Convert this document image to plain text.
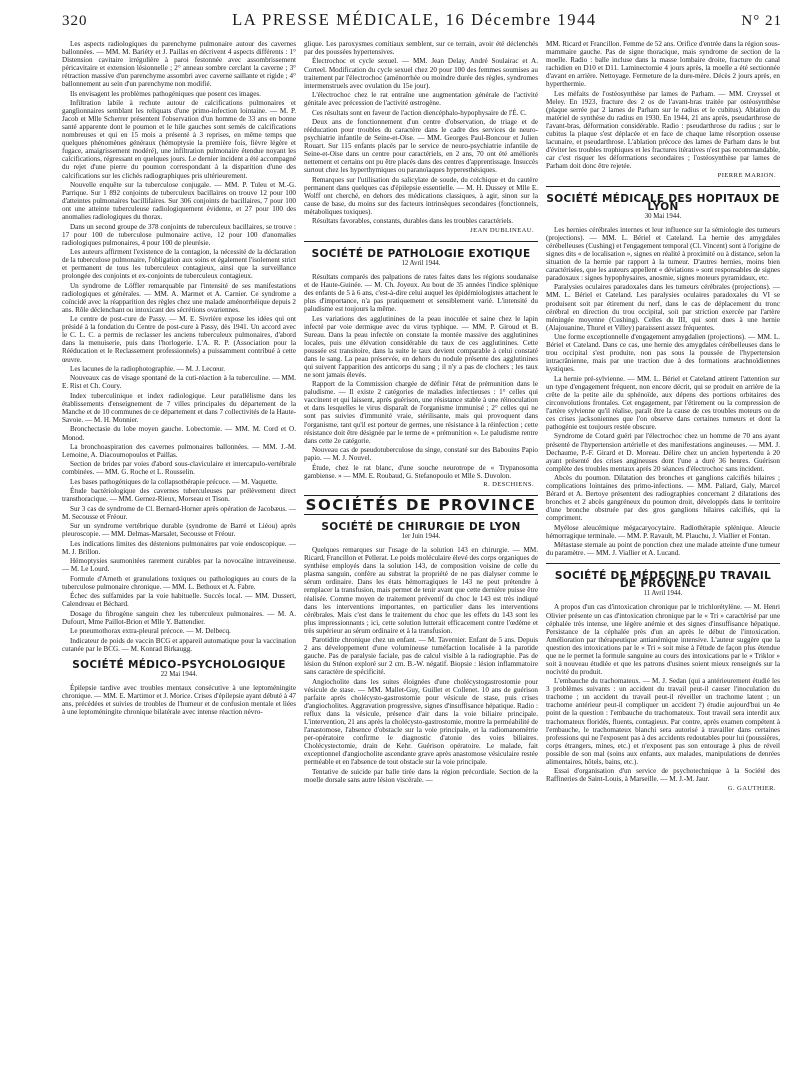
320	LA PRESSE MÉDICALE, 16 Décembre 1944	N° 21

Les aspects radiologiques du parenchyme pulmonaire autour des cavernes ballonnées. — MM. M. Bariéty et J. Paillas en décrivent 4 aspects différents : 1° Distension cavitaire irrégulière à paroi festonnée avec assombrissement péricavitaire et extension lésionnelle ; 2° anneau sombre cerclant la caverne ; 3° rétraction massive d'un parenchyme assombri avec caverne saillante et rigide ; 4° ballonnement au sein d'un parenchyme non modifié.

Ils envisagent les problèmes pathogéniques que posent ces images.

Infiltration labile à rechute autour de calcifications pulmonaires et ganglionnaires semblant les reliquats d'une primo-infection lointaine. — M. P. Jacob et Mlle Scherrer présentent l'observation d'un homme de 33 ans en bonne santé apparente dont le poumon et le hile gauches sont semés de calcifications nombreuses et qui en 15 mois a présenté à 3 reprises, en même temps que quelques phénomènes généraux (hémoptysie la première fois, fièvre légère et fugace, amaigrissement modéré), une infiltration pulmonaire étendue noyant les calcifications, régressant en quelques jours. Le dernier incident a été accompagné du rejet d'une pierre du poumon correspondant à la disparition d'une des calcifications sur les clichés radiographiques pris ultérieurement.

Nouvelle enquête sur la tuberculose conjugale. — MM. P. Tuleu et M.-G. Parrique. Sur 1 892 conjoints de tuberculeux bacillaires on trouve 12 pour 100 d'atteintes pulmonaires bacillifaires. Sur 306 conjoints de bacillaires, 7 pour 100 ont une atteinte tuberculeuse radiologiquement évidente, et 27 pour 100 des anomalies radiologiques du thorax.

Dans un second groupe de 378 conjoints de tuberculeux bacillaires, se trouve : 17 pour 100 de tuberculose pulmonaire active, 12 pour 100 d'anomalies radiologiques pulmonaires, 4 pour 100 de pleurésie.

Les auteurs affirment l'existence de la contagion, la nécessité de la déclaration de la tuberculose pulmonaire, l'obligation aux soins et également l'isolement strict et permanent de tous les tuberculeux contagieux, ainsi que la surveillance prolongée des conjoints et ex-conjoints de tuberculeux contagieux.

Un syndrome de Löffler remarquable par l'intensité de ses manifestations radiologiques et générales. — MM. A. Marmet et A. Carnier. Ce syndrome a coïncidé avec la réapparition des règles chez une malade aménorrhéique depuis 2 ans. Rôle déclenchant ou intoxicant des sécrétions ovariennes.

Le centre de post-cure de Passy. — M. E. Sivrière expose les idées qui ont présidé à la fondation du Centre de post-cure à Passy, dès 1941. Un accord avec le C. L. C. a permis de reclasser les anciens tuberculeux pulmonaires, d'abord dans la menuiserie, puis dans l'horlogerie. L'A. R. P. (Association pour la Rééducation et le Reclassement professionnels) a puissamment contribué à cette œuvre.

Les lacunes de la radiophotographie. — M. J. Lecœur.

Nouveaux cas de visage spontané de la cuti-réaction à la tuberculine. — MM. E. Rist et Ch. Coury.

Index tuberculinique et index radiologique. Leur parallélisme dans les établissements d'enseignement de 7 villes principales du département de la Manche et de 10 communes de ce département et dans 7 collectivités de la Haute-Savoie. — M. H. Monnier.

Bronchectasie du lobe moyen gauche. Lobectomie. — MM. M. Cord et O. Monod.

La bronchoaspiration des cavernes pulmonaires ballonnées. — MM. J.-M. Lemoine, A. Diacoumopoulos et Paillas.

Section de brides par voies d'abord sous-claviculaire et intercapulo-vertébrale combinées. — MM. G. Roche et L. Rousselin.

Les bases pathogéniques de la collapsothérapie précoce. — M. Vaquette.

Étude bactériologique des cavernes tuberculeuses par prélèvement direct transthoracique. — MM. Gernez-Rieux, Morseau et Tison.

Sur 3 cas de syndrome de Cl. Bernard-Horner après opération de Jacobæus. — M. Secousse et Fréour.

Sur un syndrome vertébrique durable (syndrome de Barré et Liéou) après pleuroscopie. — MM. Delmas-Marsalet, Secousse et Fréour.

Les indications limites des déstenions pulmonaires par voie endoscopique. — M. J. Brillon.

Hémoptysies saumonitées rarement curables par la novocaïne intraveineuse. — M. Le Lourd.

Formule d'Arneth et granulations toxiques ou pathologiques au cours de la tuberculose pulmonaire chronique. — MM. L. Bethoux et A. Fabre.

Échec des sulfamides par la voie habituelle. Succès local. — MM. Dussert, Calendreau et Béchard.

Dosage du fibrogène sanguin chez les tuberculeux pulmonaires. — M. A. Dufourt, Mme Paillot-Brion et Mlle Y. Battendier.

Le pneumothorax extra-pleural précoce. — M. Delbecq.

Indicateur de poids de vaccin BCG et appareil automatique pour la vaccination cutanée par le BCG. — M. Konrad Birkaugg.

SOCIÉTÉ MÉDICO-PSYCHOLOGIQUE
22 Mai 1944.

Épilepsie tardive avec troubles mentaux consécutive à une leptoméningite chronique. — MM. E. Martimor et J. Morice. Crises d'épilepsie ayant débuté à 47 ans, précédées et suivies de troubles de l'humeur et de confusion mentale et liées à une leptoméningite chronique bilatérale avec intense réaction névro-

glique. Les paroxysmes comitiaux semblent, sur ce terrain, avoir été déclenchés par des poussées hypertensives.

Électrochoc et cycle sexuel. — MM. Jean Delay, André Soulairac et A. Corteel. Modification du cycle sexuel chez 20 pour 100 des femmes soumises au traitement par l'électrochoc (aménorrhée ou moindre durée des règles, syndromes intermenstruels avec ovulation du 15e jour).

L'électrochoc chez le rat entraîne une augmentation générale de l'activité génitale avec précession de l'activité œstrogène.

Ces résultats sont en faveur de l'action diencéphalo-hypophysaire de l'É. C.

Deux ans de fonctionnement d'un centre d'observation, de triage et de rééducation pour troubles du caractère dans le cadre des services de neuro-psychiatrie infantile de Seine-et-Oise. — MM. Georges Paul-Boncour et Julien Rouart. Sur 115 enfants placés par le service de neuro-psychiatrie infantile de Seine-et-Oise dans un centre pour caractériels, en 2 ans, 70 ont été améliorés nettement et certains ont pu être placés dans des centres d'apprentissage. Insuccès surtout chez les hyperthymiques ou paranoïaques hyperesthésiques.

Remarques sur l'utilisation du salicylate de soude, du colchique et du cautère permanent dans quelques cas d'épilepsie essentielle. — M. H. Dussey et Mlle E. Wolff ont cherché, en dehors des médications classiques, à agir, sinon sur la cause de base, du moins sur des facteurs intrinsèques secondaires (fonctionnels, métaboliques toxiques).

Résultats favorables, constants, durables dans les troubles caractériels.

JEAN DUBLINEAU.
SOCIÉTÉ DE PATHOLOGIE EXOTIQUE
12 Avril 1944.

Résultats comparés des palpations de rates faites dans les régions soudanaise et de Haute-Guinée. — M. Ch. Joyeux. Au bout de 35 années l'indice splénique des enfants de 5 à 6 ans, c'est-à-dire celui auquel les épidémiologistes attachent le plus d'importance, n'a pas pratiquement et sensiblement varié. L'intensité du paludisme est toujours la même.

Les variations des agglutinines de la peau inoculée et saine chez le lapin infecté par voie dermique avec du virus typhique. — MM. P. Giroud et B. Sureau. Dans la peau infectée on constate la montée massive des agglutinines locales, puis une élévation considérable du taux de ces agglutinines. Cette poussée est transitoire, dans la suite le taux devient comparable à celui constaté dans le sang. La peau préservée, en dehors du nodule présente des agglutinines qui suivent l'apparition des anticorps du sang ; il n'y a pas de clochers ; les taux ne sont jamais élevés.

Rapport de la Commission chargée de définir l'état de prémunition dans le paludisme. — Il existe 2 catégories de maladies infectieuses : 1° celles qui vaccinent et qui laissent, après guérison, une résistance stable à une réinoculation et dans lesquelles le virus disparaît de l'organisme immunisé ; 2° celles qui ne sont pas suivies d'immunité vraie, stérilisante, mais qui provoquent dans l'organisme, tant qu'il est porteur de germes, une résistance à la réinfection ; cette résistance doit être désignée par le terme de « prémunition ». Le paludisme rentre dans cette 2e catégorie.

Nouveau cas de pseudotuberculose du singe, constaté sur des Babouins Papio papio. — M. J. Nouvel.

Étude, chez le rat blanc, d'une souche neurotrope de « Trypanosoma gambiense. » — MM. E. Roubaud, G. Stefanopoulo et Mlle S. Duvolon.

R. DESCHIENS.
SOCIÉTÉS DE PROVINCE
SOCIÉTÉ DE CHIRURGIE DE LYON
1er Juin 1944.

Quelques remarques sur l'usage de la solution 143 en chirurgie. — MM. Ricard, Francillon et Pellerat. Le poids moléculaire élevé des corps organiques de synthèse employés dans la solution 143, de composition voisine de celle du plasma sanguin, confère au substrat la propriété de ne pas dialyser comme le sérum ordinaire. Dans les états hémorragiques le 143 ne peut prétendre à remplacer la transfusion, mais permet de tenir avant que cette dernière puisse être réalisée. Comme moyen de traitement préventif du choc le 143 est très indiqué dans les interventions importantes, en particulier dans les interventions cérébrales. Mais c'est dans le traitement du choc que les effets du 143 sont les plus impressionnants ; ici, cette solution lutterait efficacement contre l'œdème et très supérieur au sérum ordinaire et à la transfusion.

Parotidite chronique chez un enfant. — M. Tavernier. Enfant de 5 ans. Depuis 2 ans développement d'une volumineuse tuméfaction localisée à la parotide gauche. Pas de paralysie faciale, pas de calcul visible à la radiographie. Pas de lésion du Sténon exploré sur 2 cm. B.-W. négatif. Biopsie : lésion inflammatoire sans caractère de spécificité.

Angiocholite dans les suites éloignées d'une cholécystogastrostomie pour vésicule de stase. — MM. Mallet-Guy, Guillet et Collenet. 10 ans de guérison parfaite après cholécysto-gastrostomie pour vésicule de stase, puis crises d'angiocholites. Aggravation progressive, signes d'insuffisance hépatique. Radio : reflux dans la vésicule, présence d'air dans la voie biliaire principale. L'intervention, 21 ans après la cholécysto-gastrostomie, montre la perméabilité de l'anastomose, l'absence d'obstacle sur la voie principale, et la radiomanométrie per-opératoire confirme le diagnostic d'atonie des voies biliaires. Cholécystectomie, drain de Kehr. Guérison opératoire. Le malade, fait exceptionnel d'angiocholite ascendante grave après anastomose vésiculaire restée perméable et en l'absence de tout obstacle sur la voie principale.

Tentative de suicide par balle tirée dans la région précordiale. Section de la moelle dorsale sans autre lésion viscérale. —

MM. Ricard et Francillon. Femme de 52 ans. Orifice d'entrée dans la région sous-mammaire gauche. Pas de signe thoracique, mais syndrome de section de la moelle. Radio : balle incluse dans la masse lombaire droite, fracture du canal rachidien en D10 et D11. Laminectomie 4 jours après, la moelle a été sectionnée d'avant en arrière. Nettoyage. Fermeture de la dure-mère. Décès 2 jours après, en hyperthermie.

Les méfaits de l'ostéosynthèse par lames de Parham. — MM. Creyssel et Meley. En 1923, fracture des 2 os de l'avant-bras traitée par ostéosynthèse (plaque serrée par 2 lames de Parham sur le radius et le cubitus). Ablation du matériel de synthèse du radius en 1930. En 1944, 21 ans après, pseudarthrose de l'avant-bras, déformation considérable. Radio : pseudarthrose du radius ; sur le cubitus la plaque s'est déplacée et en face de chaque lame résorption osseuse lacunaire, et pseudarthrose. L'ablation précoce des lames de Parham dans le but d'éviter les troubles trophiques et les fractures itératives n'est pas recommandable, car c'est risquer les déformations secondaires ; l'ostéosynthèse par lames de Parham doit donc être rejetée.

PIERRE MARION.
SOCIÉTÉ MÉDICALE DES HOPITAUX DE LYON
30 Mai 1944.

Les hernies cérébrales internes et leur influence sur la sémiologie des tumeurs (projections). — MM. L. Bériel et Cateland. La hernie des amygdales cérébelleuses (Cushing) et l'engagement temporal (Cl. Vincent) sont à l'origine de signes dits « de localisation », signes en réalité à proximité ou à distance, selon la situation de la hernie par rapport à la tumeur. D'autres hernies, moins bien caractérisées, que les auteurs appellent « déviations » sont responsables de signes paradoxaux : signes hypophysaires, anosmie, signes moteurs pyramidaux, etc.

Paralysies oculaires paradoxales dans les tumeurs cérébrales (projections). — MM. L. Bériel et Cateland. Les paralysies oculaires paradoxales du VI se produisent soit par étirement du nerf, dans le cas de déplacement du tronc cérébral en direction du trou occipital, soit par striction exercée par l'artère méningée moyenne (Cushing). Celles du III, qui sont dues à une hernie (Alajouanine, Thurel et Villey) paraissent assez fréquentes.

Une forme exceptionnelle d'engagement amygdalien (projections). — MM. L. Bériel et Cateland. Dans ce cas, une hernie des amygdales cérébelleuses dans le trou occipital s'est produite, non pas sous la poussée de l'hypertension intracrânienne, mais par une traction due à des formations arachnoïdiennes kystiques.

La hernie pré-sylvienne. — MM. L. Bériel et Cateland attirent l'attention sur un type d'engagement fréquent, non encore décrit, qui se produit en arrière de la crête de la petite aile du sphénoïde, aux dépens des portions orbitaires des circonvolutions frontales. Cet engagement, par l'étirement ou la compression de l'artère sylvienne qu'il réalise, paraît être la cause de ces troubles moteurs ou de ces crises jacksoniennes que l'on observe dans certaines tumeurs et dont la pathogénie est toujours restée obscure.

Syndrome de Cotard guéri par l'électrochoc chez un homme de 70 ans ayant présenté de l'hypertension artérielle et des manifestations angineuses. — MM. J. Dechaume, P.-F. Girard et D. Moreau. Délire chez un ancien hypertendu à 20 ayant présenté des crises angineuses dont l'une a duré 36 heures. Guérison complète des troubles mentaux après 20 séances d'électrochoc sans incident.

Abcès du poumon. Dilatation des bronches et ganglions calcifiés hilaires ; complications lointaines des primo-infections. — MM. Paliard, Galy, Marcel Bérard et A. Bertoye présentent des radiographies concernant 2 dilatations des bronches et 2 abcès gangréneux du poumon droit, développés dans le territoire d'une bronche obstruée par des gros ganglions hilaires calcifiés, qui la compriment.

Myélose aleucémique mégacaryocytaire. Radiothérapie splénique. Aleucie hémorragique terminale. — MM. P. Ravault, M. Plauchu, J. Viallier et Fontan.

Métastase sternale au point de ponction chez une malade atteinte d'une tumeur du paramètre. — MM. J. Viallier et A. Lucand.

SOCIÉTÉ DE MÉDECINE DU TRAVAIL DE PROVENCE
11 Avril 1944.

A propos d'un cas d'intoxication chronique par le trichlorétylène. — M. Henri Olivier présente un cas d'intoxication chronique par le « Tri » caractérisé par une céphalée très intense, une légère anémie et des signes d'insuffisance hépatique. Persistance de la céphalée près d'un an après le début de l'intoxication. Amélioration par thérapeutique antianémique intensive. L'auteur suggère que la question des intoxications par le « Tri » soit mise à l'étude de façon plus étendue que ne le permet la formule sanguine au cours des intoxications par le « Triklor » soit à nouveau étudiée et que les patrons d'usines soient mieux renseignés sur la nocivité du produit.

L'embauche du trachomateux. — M. J. Sedan (qui a antérieurement étudié les 3 problèmes suivants : un accident du travail peut-il causer l'inoculation du trachome ; un accident du travail peut-il réveiller un trachome latent ; un trachome antérieur peut-il compliquer un accident ?) étudie aujourd'hui un 4e point de la question : l'embauche du trachomateux. Tout travail sera interdit aux trachomateux floridés, fluents, contagieux. Par contre, après examen compétent à l'embauche, le trachomateux blanchi sera autorisé à travailler dans certaines professions qui ne l'exposent pas à des accidents redoutables pour lui (poussières, corps étrangers, mines, etc.) et n'exposent pas son entourage à plus de réveil possible de son mal (soins aux enfants, aux malades, manipulations de denrées alimentaires, hôtels, bains, etc.).

Essai d'organisation d'un service de psychotechnique à la Société des Raffineries de Saint-Louis, à Marseille. — M. J.-M. Jaur.

G. GAUTHIER.
